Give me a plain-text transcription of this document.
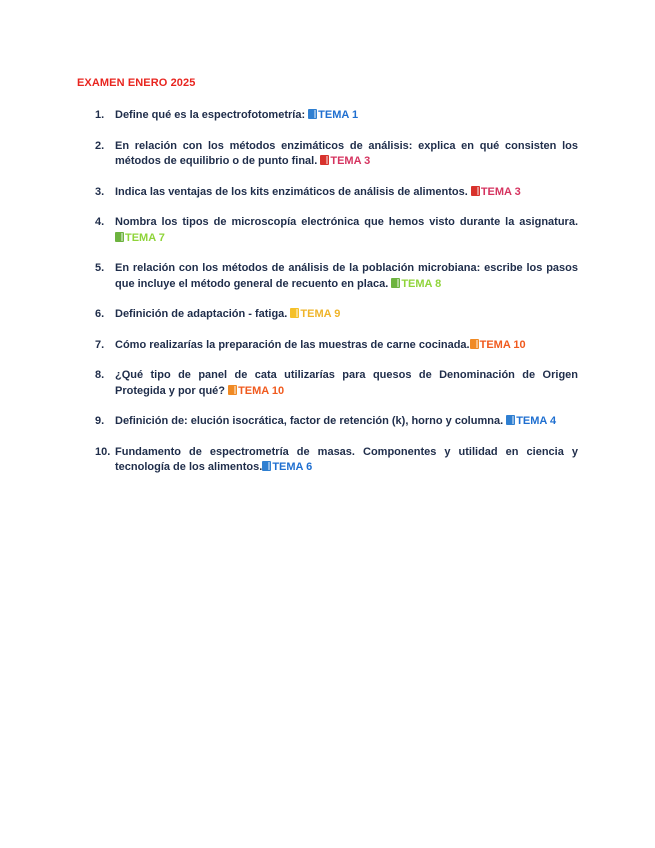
EXAMEN ENERO 2025
1. Define qué es la espectrofotometría: TEMA 1
2. En relación con los métodos enzimáticos de análisis: explica en qué consisten los métodos de equilibrio o de punto final. TEMA 3
3. Indica las ventajas de los kits enzimáticos de análisis de alimentos. TEMA 3
4. Nombra los tipos de microscopía electrónica que hemos visto durante la asignatura. TEMA 7
5. En relación con los métodos de análisis de la población microbiana: escribe los pasos que incluye el método general de recuento en placa. TEMA 8
6. Definición de adaptación - fatiga. TEMA 9
7. Cómo realizarías la preparación de las muestras de carne cocinada. TEMA 10
8. ¿Qué tipo de panel de cata utilizarías para quesos de Denominación de Origen Protegida y por qué? TEMA 10
9. Definición de: elución isocrática, factor de retención (k), horno y columna. TEMA 4
10. Fundamento de espectrometría de masas. Componentes y utilidad en ciencia y tecnología de los alimentos. TEMA 6
